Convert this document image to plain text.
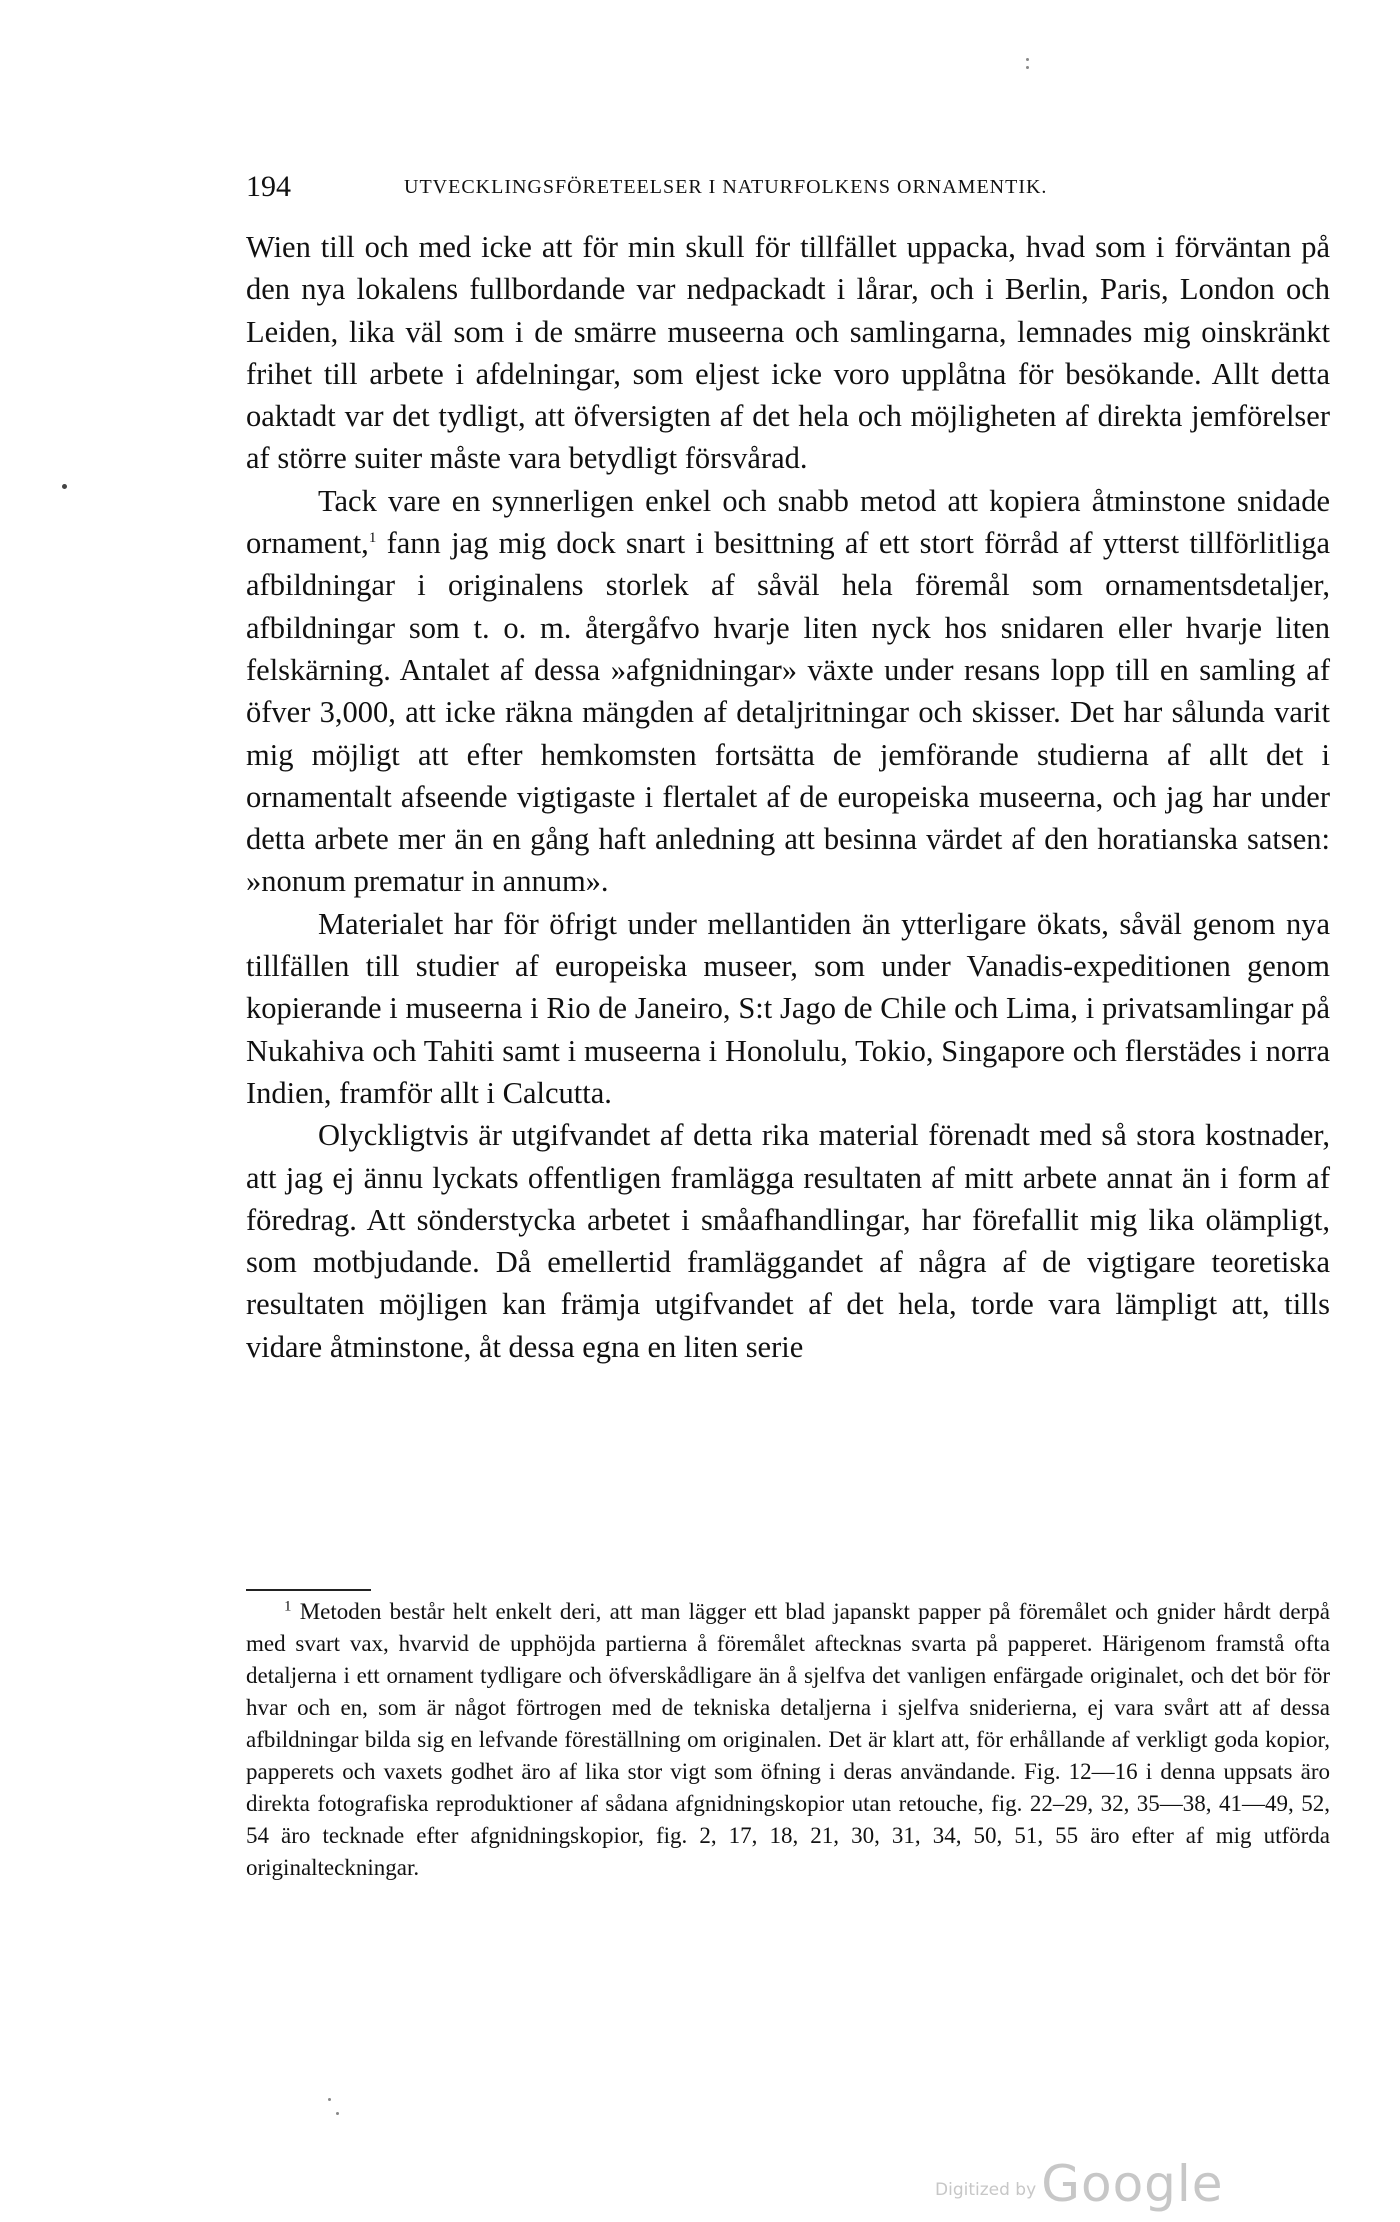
194	UTVECKLINGSFÖRETEELSER I NATURFOLKENS ORNAMENTIK.

Wien till och med icke att för min skull för tillfället uppacka, hvad som i förväntan på den nya lokalens fullbordande var nedpackadt i lårar, och i Berlin, Paris, London och Leiden, lika väl som i de smärre museerna och samlingarna, lemnades mig oinskränkt frihet till arbete i afdelningar, som eljest icke voro upplåtna för besökande. Allt detta oaktadt var det tydligt, att öfversigten af det hela och möjligheten af direkta jemförelser af större suiter måste vara betydligt försvårad.

Tack vare en synnerligen enkel och snabb metod att kopiera åtminstone snidade ornament,$^1$ fann jag mig dock snart i besittning af ett stort förråd af ytterst tillförlitliga afbildningar i originalens storlek af såväl hela föremål som ornamentsdetaljer, afbildningar som t. o. m. återgåfvo hvarje liten nyck hos snidaren eller hvarje liten felskärning. Antalet af dessa »afgnidningar» växte under resans lopp till en samling af öfver 3,000, att icke räkna mängden af detaljritningar och skisser. Det har sålunda varit mig möjligt att efter hemkomsten fortsätta de jemförande studierna af allt det i ornamentalt afseende vigtigaste i flertalet af de europeiska museerna, och jag har under detta arbete mer än en gång haft anledning att besinna värdet af den horatianska satsen: »nonum prematur in annum».

Materialet har för öfrigt under mellantiden än ytterligare ökats, såväl genom nya tillfällen till studier af europeiska museer, som under Vanadis-expeditionen genom kopierande i museerna i Rio de Janeiro, S:t Jago de Chile och Lima, i privatsamlingar på Nukahiva och Tahiti samt i museerna i Honolulu, Tokio, Singapore och flerstädes i norra Indien, framför allt i Calcutta.

Olyckligtvis är utgifvandet af detta rika material förenadt med så stora kostnader, att jag ej ännu lyckats offentligen framlägga resultaten af mitt arbete annat än i form af föredrag. Att sönderstycka arbetet i småafhandlingar, har förefallit mig lika olämpligt, som motbjudande. Då emellertid framläggandet af några af de vigtigare teoretiska resultaten möjligen kan främja utgifvandet af det hela, torde vara lämpligt att, tills vidare åtminstone, åt dessa egna en liten serie

$^1$ Metoden består helt enkelt deri, att man lägger ett blad japanskt papper på föremålet och gnider hårdt derpå med svart vax, hvarvid de upphöjda partierna å föremålet aftecknas svarta på papperet. Härigenom framstå ofta detaljerna i ett ornament tydligare och öfverskådligare än å sjelfva det vanligen enfärgade originalet, och det bör för hvar och en, som är något förtrogen med de tekniska detaljerna i sjelfva sniderierna, ej vara svårt att af dessa afbildningar bilda sig en lefvande föreställning om originalen. Det är klart att, för erhållande af verkligt goda kopior, papperets och vaxets godhet äro af lika stor vigt som öfning i deras användande. Fig. 12—16 i denna uppsats äro direkta fotografiska reproduktioner af sådana afgnidningskopior utan retouche, fig. 22–29, 32, 35—38, 41—49, 52, 54 äro tecknade efter afgnidningskopior, fig. 2, 17, 18, 21, 30, 31, 34, 50, 51, 55 äro efter af mig utförda originalteckningar.

Digitized by Google
